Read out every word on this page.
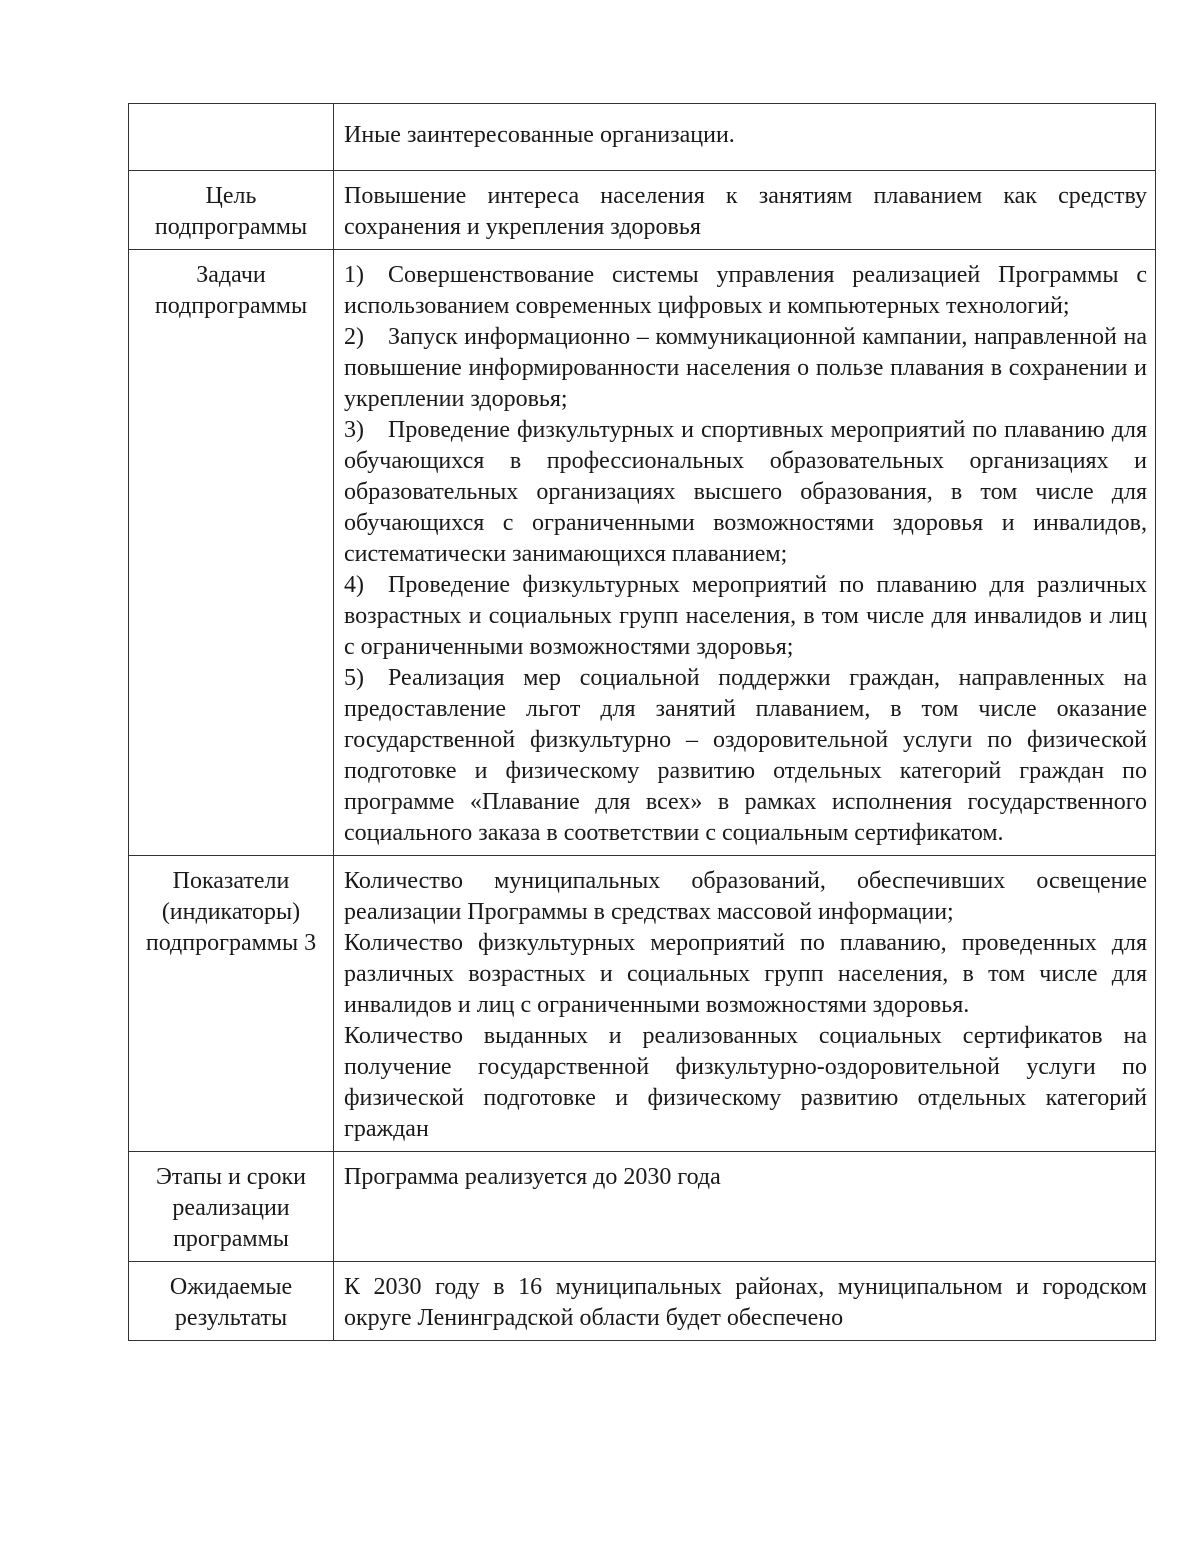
	Иные заинтересованные организации.
Цель подпрограммы	Повышение интереса населения к занятиям плаванием как средству сохранения и укрепления здоровья
Задачи подпрограммы	1) Совершенствование системы управления реализацией Программы с использованием современных цифровых и компьютерных технологий;

2) Запуск информационно – коммуникационной кампании, направленной на повышение информированности населения о пользе плавания в сохранении и укреплении здоровья;

3) Проведение физкультурных и спортивных мероприятий по плаванию для обучающихся в профессиональных образовательных организациях и образовательных организациях высшего образования, в том числе для обучающихся с ограниченными возможностями здоровья и инвалидов, систематически занимающихся плаванием;

4) Проведение физкультурных мероприятий по плаванию для различных возрастных и социальных групп населения, в том числе для инвалидов и лиц с ограниченными возможностями здоровья;

5) Реализация мер социальной поддержки граждан, направленных на предоставление льгот для занятий плаванием, в том числе оказание государственной физкультурно – оздоровительной услуги по физической подготовке и физическому развитию отдельных категорий граждан по программе «Плавание для всех» в рамках исполнения государственного социального заказа в соответствии с социальным сертификатом.

Показатели (индикаторы) подпрограммы 3	Количество муниципальных образований, обеспечивших освещение реализации Программы в средствах массовой информации;

Количество физкультурных мероприятий по плаванию, проведенных для различных возрастных и социальных групп населения, в том числе для инвалидов и лиц с ограниченными возможностями здоровья.

Количество выданных и реализованных социальных сертификатов на получение государственной физкультурно-оздоровительной услуги по физической подготовке и физическому развитию отдельных категорий граждан

Этапы и сроки реализации программы	Программа реализуется до 2030 года
Ожидаемые результаты	К 2030 году в 16 муниципальных районах, муниципальном и городском округе Ленинградской области будет обеспечено
